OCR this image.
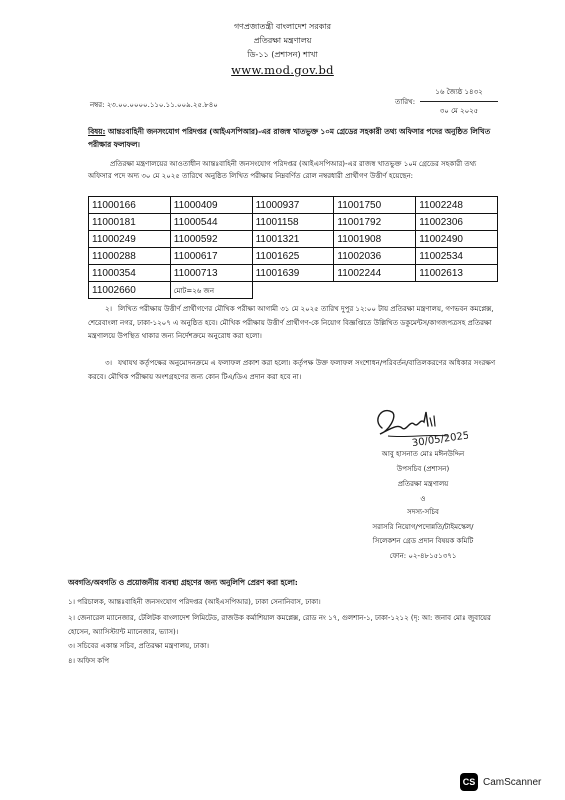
গণপ্রজাতন্ত্রী বাংলাদেশ সরকার
প্রতিরক্ষা মন্ত্রণালয়
ডি-১১ (প্রশাসন) শাখা
www.mod.gov.bd
নম্বর: ২৩.০০.০০০০.১১০.১১.০০৯.২৫.৮৪০	তারিখ:
১৬ জ্যৈষ্ঠ ১৪৩২
৩০ মে ২০২৫
বিষয়: আন্তঃবাহিনী জনসংযোগ পরিদপ্তর (আইএসপিআর)-এর রাজস্ব খাতভুক্ত ১০ম গ্রেডের সহকারী তথ্য অফিসার পদের অনুষ্ঠিত লিখিত পরীক্ষার ফলাফল।
প্রতিরক্ষা মন্ত্রণালয়ের আওতাধীন আন্তঃবাহিনী জনসংযোগ পরিদপ্তর (আইএসপিআর)-এর রাজস্ব খাতভুক্ত ১০ম গ্রেডের সহকারী তথ্য অফিসার পদে অদ্য ৩০ মে ২০২৫ তারিখে অনুষ্ঠিত লিখিত পরীক্ষায় নিম্নবর্ণিত রোল নম্বরধারী প্রার্থীগণ উত্তীর্ণ হয়েছেন:
11000166	11000409	11000937	11001750	11002248
11000181	11000544	11001158	11001792	11002306
11000249	11000592	11001321	11001908	11002490
11000288	11000617	11001625	11002036	11002534
11000354	11000713	11001639	11002244	11002613
11002660	মোট=২৬ জন			
২। লিখিত পরীক্ষায় উত্তীর্ণ প্রার্থীগণের মৌখিক পরীক্ষা আগামী ৩১ মে ২০২৫ তারিখ দুপুর ১২:০০ টায় প্রতিরক্ষা মন্ত্রণালয়, গণভবন কমপ্লেক্স, শেরেবাংলা নগর, ঢাকা-১২০৭ এ অনুষ্ঠিত হবে। মৌখিক পরীক্ষায় উত্তীর্ণ প্রার্থীগণ-কে নিয়োগ বিজ্ঞপ্তিতে উল্লিখিত ডকুমেন্টস/কাগজপত্রসহ প্রতিরক্ষা মন্ত্রণালয়ে উপস্থিত থাকার জন্য নির্দেশক্রমে অনুরোধ করা হলো।
৩। যথাযথ কর্তৃপক্ষের অনুমোদনক্রমে এ ফলাফল প্রকাশ করা হলো। কর্তৃপক্ষ উক্ত ফলাফল সংশোধন/পরিবর্তন/বাতিলকরণের অধিকার সংরক্ষণ করবে। মৌখিক পরীক্ষায় অংশগ্রহণের জন্য কোন টিএ/ডিএ প্রদান করা হবে না।
30/05/2025
আবু হাসনাত মোঃ মঈনউদ্দিন
উপসচিব (প্রশাসন)
প্রতিরক্ষা মন্ত্রণালয়
ও
সদস্য-সচিব
সরাসরি নিয়োগ/পদোন্নতি/টাইমস্কেল/
সিলেকশন গ্রেড প্রদান বিষয়ক কমিটি
ফোন: ০২-৪৮১৫১৩৭১
অবগতি/অবগতি ও প্রয়োজনীয় ব্যবস্থা গ্রহণের জন্য অনুলিপি প্রেরণ করা হলো:
১। পরিচালক, আন্তঃবাহিনী জনসংযোগ পরিদপ্তর (আইএসপিআর), ঢাকা সেনানিবাস, ঢাকা।
২। জেনারেল ম্যানেজার, টেলিটক বাংলাদেশ লিমিটেড, রাজউক কর্মাশিয়াল কমপ্লেক্স, রোড নং ১৭, গুলশান-১, ঢাকা-১২১২ (দৃ: আ: জনাব মোঃ জুবায়ের হোসেন, অ্যাসিস্ট্যান্ট ম্যানেজার, ভ্যাস)।
৩। সচিবের একান্ত সচিব, প্রতিরক্ষা মন্ত্রণালয়, ঢাকা।
৪। অফিস কপি
CS CamScanner
